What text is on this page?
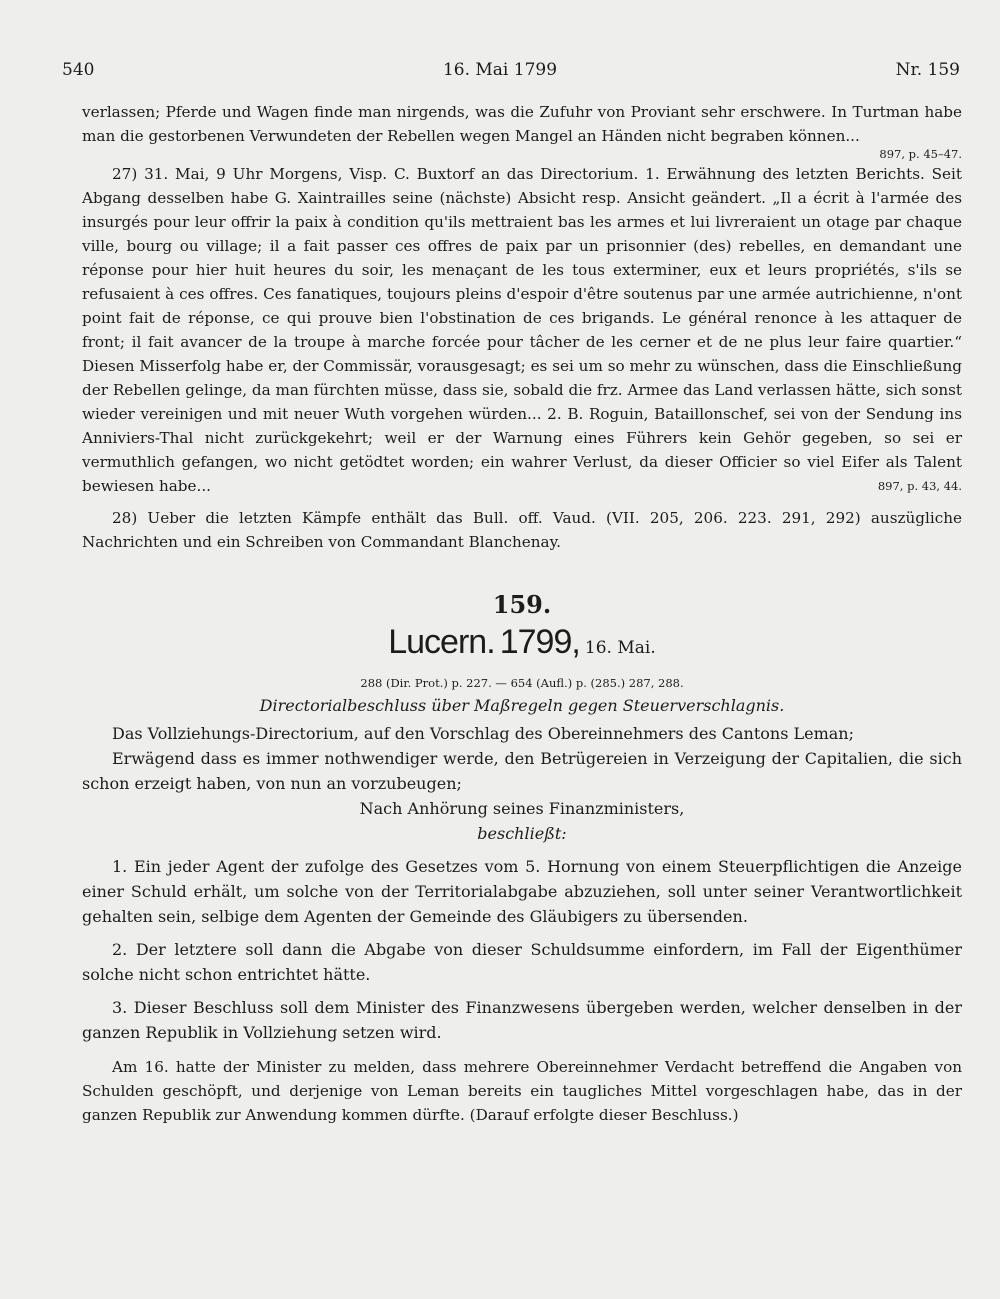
540	16. Mai 1799	Nr. 159

verlassen; Pferde und Wagen finde man nirgends, was die Zufuhr von Proviant sehr erschwere. In Turtman habe man die gestorbenen Verwundeten der Rebellen wegen Mangel an Händen nicht begraben können...

897, p. 45–47.

27) 31. Mai, 9 Uhr Morgens, Visp. C. Buxtorf an das Directorium. 1. Erwähnung des letzten Berichts. Seit Abgang desselben habe G. Xaintrailles seine (nächste) Absicht resp. Ansicht geändert. „Il a écrit à l'armée des insurgés pour leur offrir la paix à condition qu'ils mettraient bas les armes et lui livreraient un otage par chaque ville, bourg ou village; il a fait passer ces offres de paix par un prisonnier (des) rebelles, en demandant une réponse pour hier huit heures du soir, les menaçant de les tous exterminer, eux et leurs propriétés, s'ils se refusaient à ces offres. Ces fanatiques, toujours pleins d'espoir d'être soutenus par une armée autrichienne, n'ont point fait de réponse, ce qui prouve bien l'obstination de ces brigands. Le général renonce à les attaquer de front; il fait avancer de la troupe à marche forcée pour tâcher de les cerner et de ne plus leur faire quartier.“ Diesen Misserfolg habe er, der Commissär, vorausgesagt; es sei um so mehr zu wünschen, dass die Einschließung der Rebellen gelinge, da man fürchten müsse, dass sie, sobald die frz. Armee das Land verlassen hätte, sich sonst wieder vereinigen und mit neuer Wuth vorgehen würden... 2. B. Roguin, Bataillonschef, sei von der Sendung ins Anniviers-Thal nicht zurückgekehrt; weil er der Warnung eines Führers kein Gehör gegeben, so sei er vermuthlich gefangen, wo nicht getödtet worden; ein wahrer Verlust, da dieser Officier so viel Eifer als Talent bewiesen habe...	897, p. 43, 44.

28) Ueber die letzten Kämpfe enthält das Bull. off. Vaud. (VII. 205, 206. 223. 291, 292) auszügliche Nachrichten und ein Schreiben von Commandant Blanchenay.

159.

Lucern. 1799, 16. Mai.

288 (Dir. Prot.) p. 227. — 654 (Aufl.) p. (285.) 287, 288.

Directorialbeschluss über Maßregeln gegen Steuerverschlagnis.

Das Vollziehungs-Directorium, auf den Vorschlag des Obereinnehmers des Cantons Leman;

Erwägend dass es immer nothwendiger werde, den Betrügereien in Verzeigung der Capitalien, die sich schon erzeigt haben, von nun an vorzubeugen;

Nach Anhörung seines Finanzministers,

beschließt:

1. Ein jeder Agent der zufolge des Gesetzes vom 5. Hornung von einem Steuerpflichtigen die Anzeige einer Schuld erhält, um solche von der Territorialabgabe abzuziehen, soll unter seiner Verantwortlichkeit gehalten sein, selbige dem Agenten der Gemeinde des Gläubigers zu übersenden.

2. Der letztere soll dann die Abgabe von dieser Schuldsumme einfordern, im Fall der Eigenthümer solche nicht schon entrichtet hätte.

3. Dieser Beschluss soll dem Minister des Finanzwesens übergeben werden, welcher denselben in der ganzen Republik in Vollziehung setzen wird.

Am 16. hatte der Minister zu melden, dass mehrere Obereinnehmer Verdacht betreffend die Angaben von Schulden geschöpft, und derjenige von Leman bereits ein taugliches Mittel vorgeschlagen habe, das in der ganzen Republik zur Anwendung kommen dürfte. (Darauf erfolgte dieser Beschluss.)
